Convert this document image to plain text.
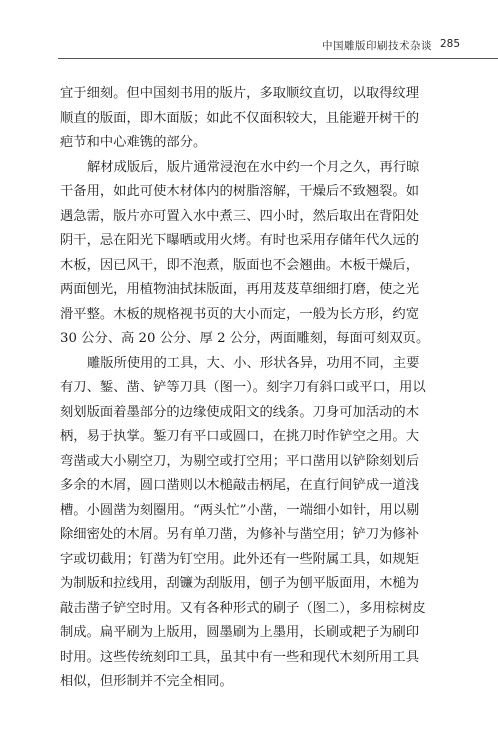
中国雕版印刷技术杂谈 285

宜于细刻。但中国刻书用的版片，多取顺纹直切，以取得纹理
顺直的版面，即木面版；如此不仅面积较大，且能避开树干的
疤节和中心难镌的部分。

解材成版后，版片通常浸泡在水中约一个月之久，再行晾
干备用，如此可使木材体内的树脂溶解，干燥后不致翘裂。如
遇急需，版片亦可置入水中煮三、四小时，然后取出在背阳处
阴干，忌在阳光下曝晒或用火烤。有时也采用存储年代久远的
木板，因已风干，即不泡煮，版面也不会翘曲。木板干燥后，
两面刨光，用植物油拭抹版面，再用芨芨草细细打磨，使之光
滑平整。木板的规格视书页的大小而定，一般为长方形，约宽
30 公分、高 20 公分、厚 2 公分，两面雕刻，每面可刻双页。

雕版所使用的工具，大、小、形状各异，功用不同，主要
有刀、錾、凿、铲等刀具（图一）。刻字刀有斜口或平口，用以
刻划版面着墨部分的边缘使成阳文的线条。刀身可加活动的木
柄，易于执掌。錾刀有平口或圆口，在挑刀时作铲空之用。大
弯凿或大小剔空刀，为剔空或打空用；平口凿用以铲除刻划后
多余的木屑，圆口凿则以木槌敲击柄尾，在直行间铲成一道浅
槽。小圆凿为刻圈用。“两头忙”小凿，一端细小如针，用以剔
除细密处的木屑。另有单刀凿，为修补与凿空用；铲刀为修补
字或切截用；钉凿为钉空用。此外还有一些附属工具，如规矩
为制版和拉线用，刮镰为刮版用，刨子为刨平版面用，木槌为
敲击凿子铲空时用。又有各种形式的刷子（图二），多用棕树皮
制成。扁平刷为上版用，圆墨刷为上墨用，长刷或耙子为刷印
时用。这些传统刻印工具，虽其中有一些和现代木刻所用工具
相似，但形制并不完全相同。
